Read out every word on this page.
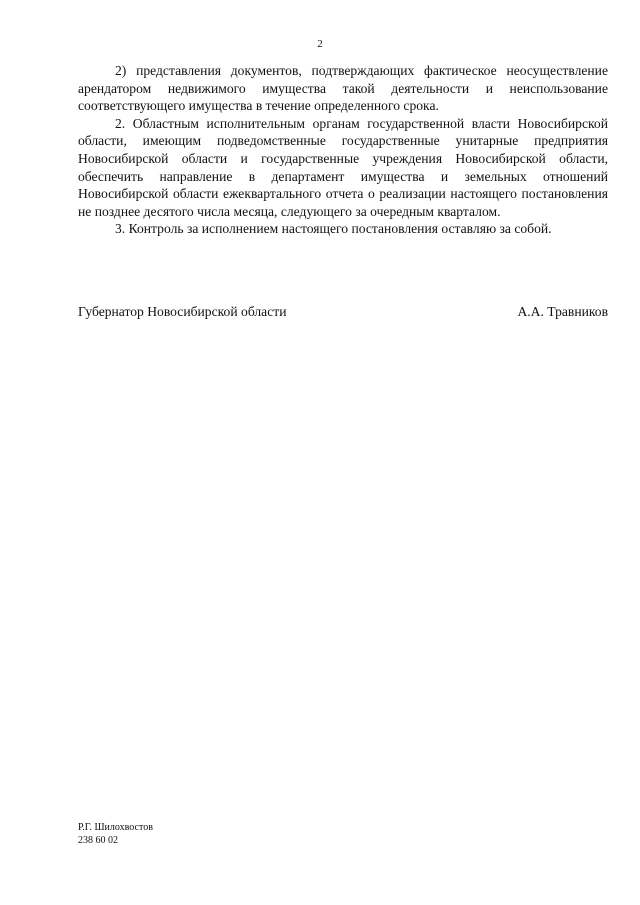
2

2) представления документов, подтверждающих фактическое неосуществление арендатором недвижимого имущества такой деятельности и неиспользование соответствующего имущества в течение определенного срока.

2. Областным исполнительным органам государственной власти Новосибирской области, имеющим подведомственные государственные унитарные предприятия Новосибирской области и государственные учреждения Новосибирской области, обеспечить направление в департамент имущества и земельных отношений Новосибирской области ежеквартального отчета о реализации настоящего постановления не позднее десятого числа месяца, следующего за очередным кварталом.

3. Контроль за исполнением настоящего постановления оставляю за собой.

Губернатор Новосибирской области	А.А. Травников
Р.Г. Шилохвостов
238 60 02
